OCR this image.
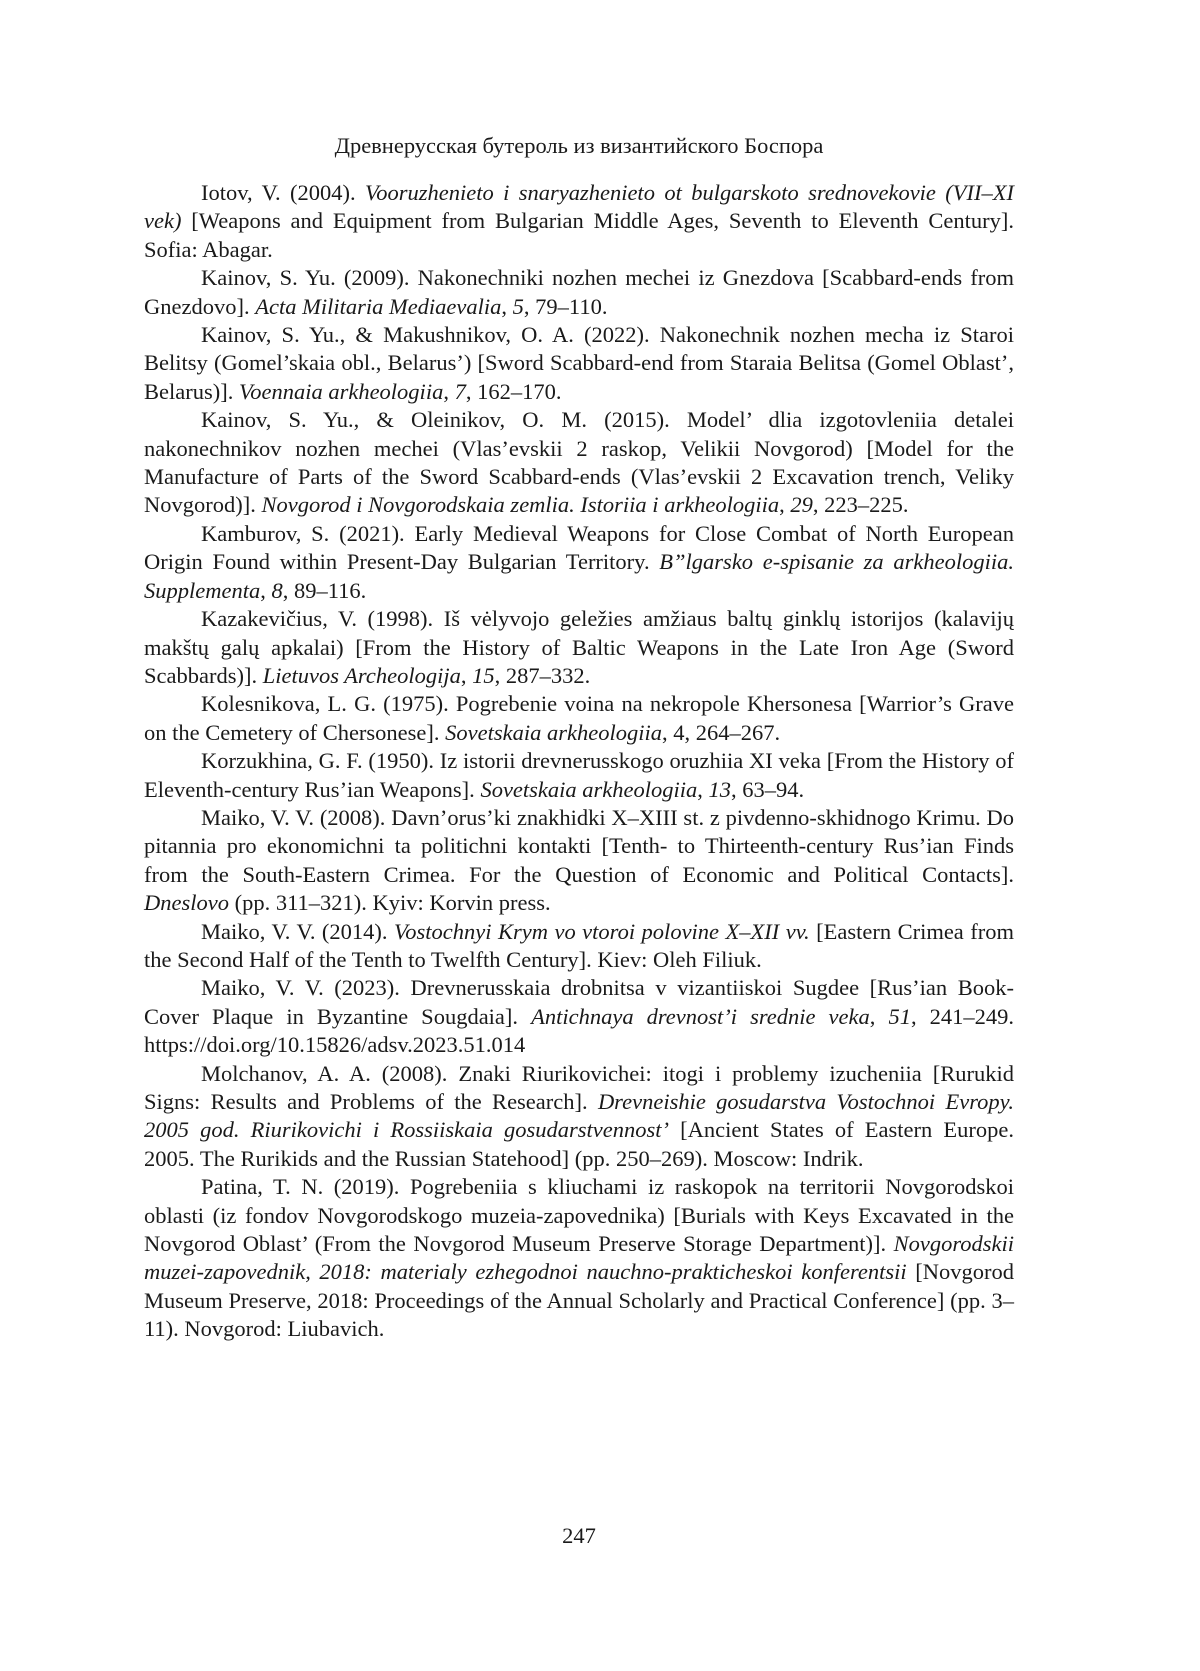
Древнерусская бутероль из византийского Боспора

Iotov, V. (2004). Vooruzhenieto i snaryazhenieto ot bulgarskoto srednovekovie (VII–XI vek) [Weapons and Equipment from Bulgarian Middle Ages, Seventh to Eleventh Century]. Sofia: Abagar.

Kainov, S. Yu. (2009). Nakonechniki nozhen mechei iz Gnezdova [Scabbard-ends from Gnezdovo]. Acta Militaria Mediaevalia, 5, 79–110.

Kainov, S. Yu., & Makushnikov, O. A. (2022). Nakonechnik nozhen mecha iz Staroi Belitsy (Gomel’skaia obl., Belarus’) [Sword Scabbard-end from Staraia Belitsa (Gomel Oblast’, Belarus)]. Voennaia arkheologiia, 7, 162–170.

Kainov, S. Yu., & Oleinikov, O. M. (2015). Model’ dlia izgotovleniia detalei nakonechnikov nozhen mechei (Vlas’evskii 2 raskop, Velikii Novgorod) [Model for the Manufacture of Parts of the Sword Scabbard-ends (Vlas’evskii 2 Excavation trench, Veliky Novgorod)]. Novgorod i Novgorodskaia zemlia. Istoriia i arkheologiia, 29, 223–225.

Kamburov, S. (2021). Early Medieval Weapons for Close Combat of North European Origin Found within Present-Day Bulgarian Territory. B”lgarsko e-spisanie za arkheologiia. Supplementa, 8, 89–116.

Kazakevičius, V. (1998). Iš vėlyvojo geležies amžiaus baltų ginklų istorijos (kalavijų makštų galų apkalai) [From the History of Baltic Weapons in the Late Iron Age (Sword Scabbards)]. Lietuvos Archeologija, 15, 287–332.

Kolesnikova, L. G. (1975). Pogrebenie voina na nekropole Khersonesa [Warrior’s Grave on the Cemetery of Chersonese]. Sovetskaia arkheologiia, 4, 264–267.

Korzukhina, G. F. (1950). Iz istorii drevnerusskogo oruzhiia XI veka [From the History of Eleventh-century Rus’ian Weapons]. Sovetskaia arkheologiia, 13, 63–94.

Maiko, V. V. (2008). Davn’orus’ki znakhidki X–XIII st. z pivdenno-skhidnogo Krimu. Do pitannia pro ekonomichni ta politichni kontakti [Tenth- to Thirteenth-century Rus’ian Finds from the South-Eastern Crimea. For the Question of Economic and Political Contacts]. Dneslovo (pp. 311–321). Kyiv: Korvin press.

Maiko, V. V. (2014). Vostochnyi Krym vo vtoroi polovine X–XII vv. [Eastern Crimea from the Second Half of the Tenth to Twelfth Century]. Kiev: Oleh Filiuk.

Maiko, V. V. (2023). Drevnerusskaia drobnitsa v vizantiiskoi Sugdee [Rus’ian Book-Cover Plaque in Byzantine Sougdaia]. Antichnaya drevnost’i srednie veka, 51, 241–249. https://doi.org/10.15826/adsv.2023.51.014

Molchanov, A. A. (2008). Znaki Riurikovichei: itogi i problemy izucheniia [Rurukid Signs: Results and Problems of the Research]. Drevneishie gosudarstva Vostochnoi Evropy. 2005 god. Riurikovichi i Rossiiskaia gosudarstvennost’ [Ancient States of Eastern Europe. 2005. The Rurikids and the Russian Statehood] (pp. 250–269). Moscow: Indrik.

Patina, T. N. (2019). Pogrebeniia s kliuchami iz raskopok na territorii Novgorodskoi oblasti (iz fondov Novgorodskogo muzeia-zapovednika) [Burials with Keys Excavated in the Novgorod Oblast’ (From the Novgorod Museum Preserve Storage Department)]. Novgorodskii muzei-zapovednik, 2018: materialy ezhegodnoi nauchno-prakticheskoi konferentsii [Novgorod Museum Preserve, 2018: Proceedings of the Annual Scholarly and Practical Conference] (pp. 3–11). Novgorod: Liubavich.

247
